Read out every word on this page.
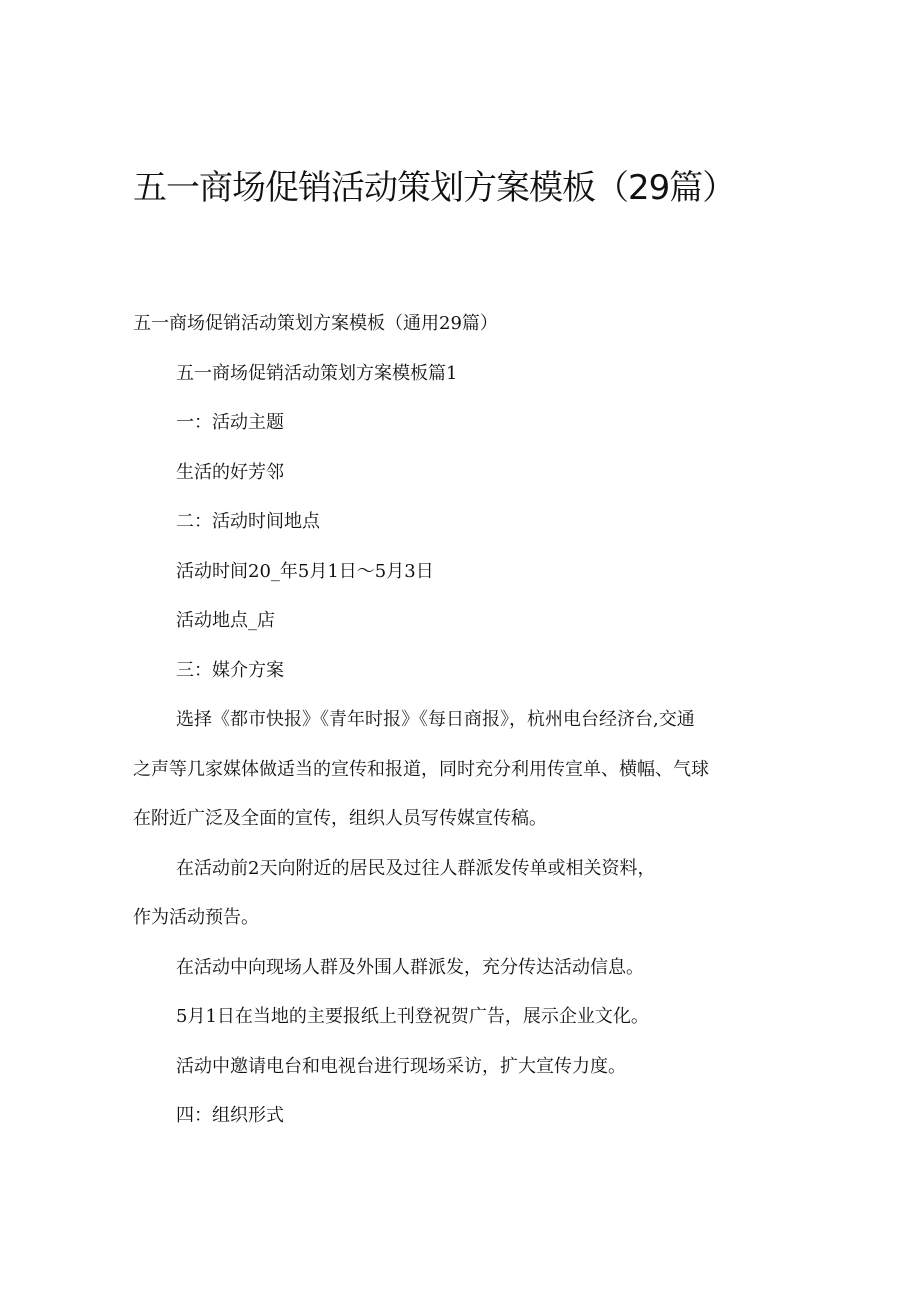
五一商场促销活动策划方案模板（29篇）

五一商场促销活动策划方案模板（通用29篇）

五一商场促销活动策划方案模板篇1

一：活动主题

生活的好芳邻

二：活动时间地点

活动时间20_年5月1日～5月3日

活动地点_店

三：媒介方案

选择《都市快报》《青年时报》《每日商报》，杭州电台经济台,交通

之声等几家媒体做适当的宣传和报道，同时充分利用传宣单、横幅、气球

在附近广泛及全面的宣传，组织人员写传媒宣传稿。

在活动前2天向附近的居民及过往人群派发传单或相关资料，

作为活动预告。

在活动中向现场人群及外围人群派发，充分传达活动信息。

5月1日在当地的主要报纸上刊登祝贺广告，展示企业文化。

活动中邀请电台和电视台进行现场采访，扩大宣传力度。

四：组织形式
